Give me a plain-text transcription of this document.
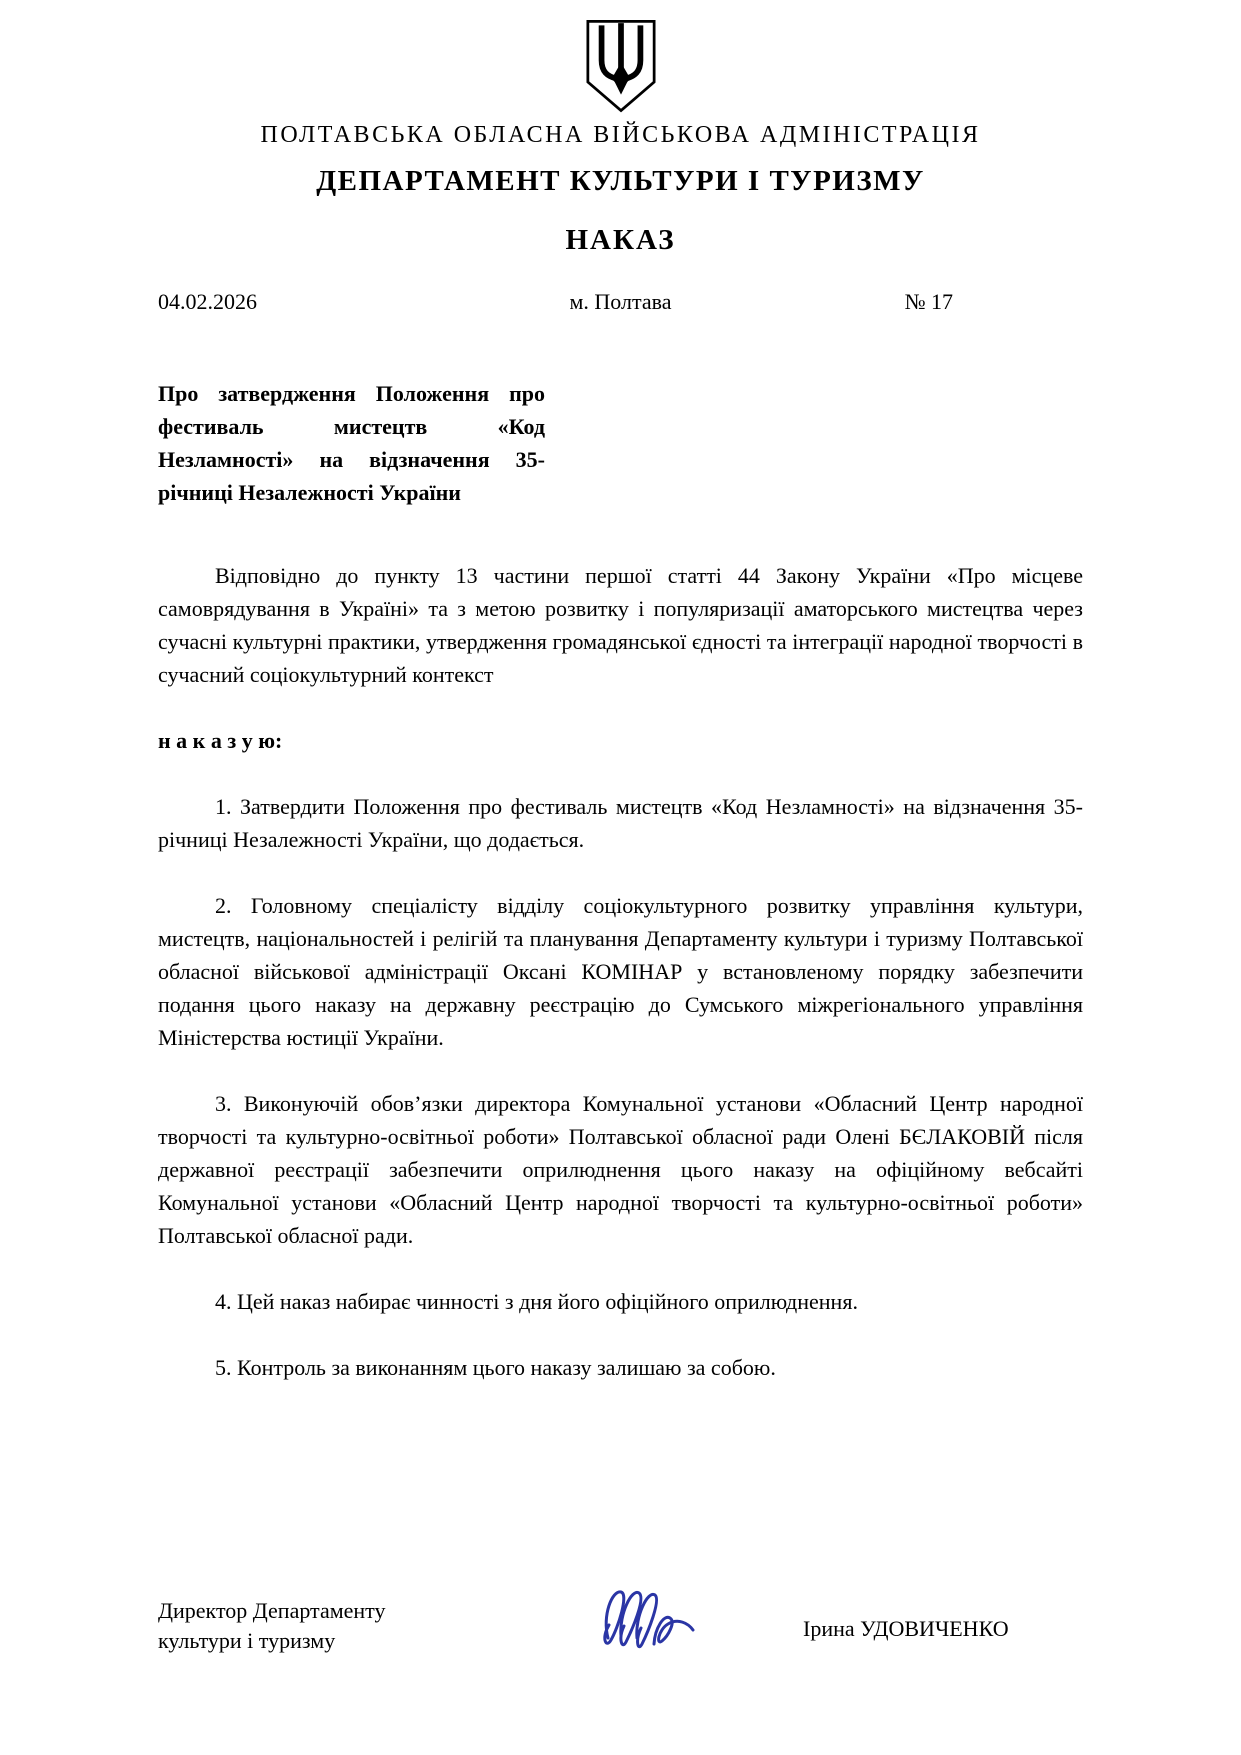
ПОЛТАВСЬКА ОБЛАСНА ВІЙСЬКОВА АДМІНІСТРАЦІЯ
ДЕПАРТАМЕНТ КУЛЬТУРИ І ТУРИЗМУ
НАКАЗ
04.02.2026	м. Полтава	№ 17
Про затвердження Положення про фестиваль мистецтв «Код Незламності» на відзначення 35-річниці Незалежності України

Відповідно до пункту 13 частини першої статті 44 Закону України «Про місцеве самоврядування в Україні» та з метою розвитку і популяризації аматорського мистецтва через сучасні культурні практики, утвердження громадянської єдності та інтеграції народної творчості в сучасний соціокультурний контекст

н а к а з у ю:

1. Затвердити Положення про фестиваль мистецтв «Код Незламності» на відзначення 35-річниці Незалежності України, що додається.

2. Головному спеціалісту відділу соціокультурного розвитку управління культури, мистецтв, національностей і релігій та планування Департаменту культури і туризму Полтавської обласної військової адміністрації Оксані КОМІНАР у встановленому порядку забезпечити подання цього наказу на державну реєстрацію до Сумського міжрегіонального управління Міністерства юстиції України.

3. Виконуючій обов’язки директора Комунальної установи «Обласний Центр народної творчості та культурно-освітньої роботи» Полтавської обласної ради Олені БЄЛАКОВІЙ після державної реєстрації забезпечити оприлюднення цього наказу на офіційному вебсайті Комунальної установи «Обласний Центр народної творчості та культурно-освітньої роботи» Полтавської обласної ради.

4. Цей наказ набирає чинності з дня його офіційного оприлюднення.

5. Контроль за виконанням цього наказу залишаю за собою.

Директор Департаменту
культури і туризму	Ірина УДОВИЧЕНКО
